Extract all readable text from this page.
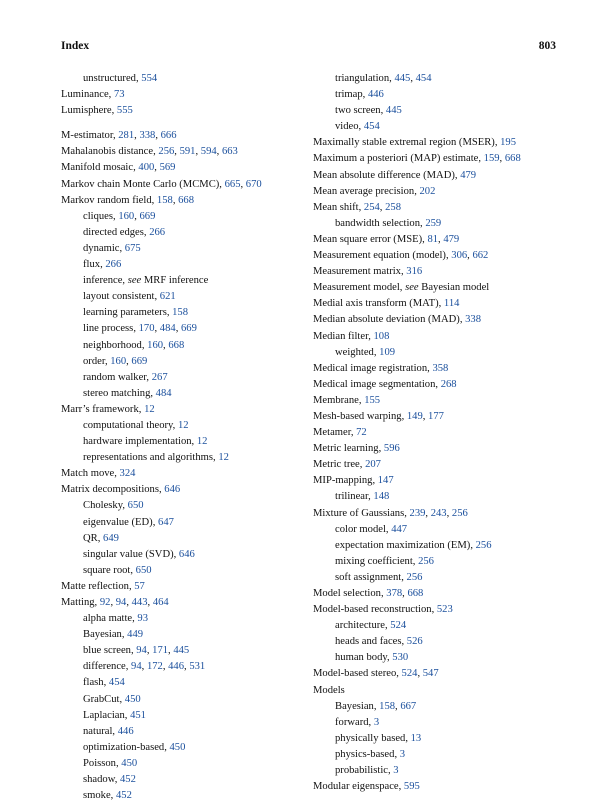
Index	803
unstructured, 554
Luminance, 73
Lumisphere, 555
M-estimator, 281, 338, 666
Mahalanobis distance, 256, 591, 594, 663
Manifold mosaic, 400, 569
Markov chain Monte Carlo (MCMC), 665, 670
Markov random field, 158, 668
cliques, 160, 669
directed edges, 266
dynamic, 675
flux, 266
inference, see MRF inference
layout consistent, 621
learning parameters, 158
line process, 170, 484, 669
neighborhood, 160, 668
order, 160, 669
random walker, 267
stereo matching, 484
Marr’s framework, 12
computational theory, 12
hardware implementation, 12
representations and algorithms, 12
Match move, 324
Matrix decompositions, 646
Cholesky, 650
eigenvalue (ED), 647
QR, 649
singular value (SVD), 646
square root, 650
Matte reflection, 57
Matting, 92, 94, 443, 464
alpha matte, 93
Bayesian, 449
blue screen, 94, 171, 445
difference, 94, 172, 446, 531
flash, 454
GrabCut, 450
Laplacian, 451
natural, 446
optimization-based, 450
Poisson, 450
shadow, 452
smoke, 452
triangulation, 445, 454
trimap, 446
two screen, 445
video, 454
Maximally stable extremal region (MSER), 195
Maximum a posteriori (MAP) estimate, 159, 668
Mean absolute difference (MAD), 479
Mean average precision, 202
Mean shift, 254, 258
bandwidth selection, 259
Mean square error (MSE), 81, 479
Measurement equation (model), 306, 662
Measurement matrix, 316
Measurement model, see Bayesian model
Medial axis transform (MAT), 114
Median absolute deviation (MAD), 338
Median filter, 108
weighted, 109
Medical image registration, 358
Medical image segmentation, 268
Membrane, 155
Mesh-based warping, 149, 177
Metamer, 72
Metric learning, 596
Metric tree, 207
MIP-mapping, 147
trilinear, 148
Mixture of Gaussians, 239, 243, 256
color model, 447
expectation maximization (EM), 256
mixing coefficient, 256
soft assignment, 256
Model selection, 378, 668
Model-based reconstruction, 523
architecture, 524
heads and faces, 526
human body, 530
Model-based stereo, 524, 547
Models
Bayesian, 158, 667
forward, 3
physically based, 13
physics-based, 3
probabilistic, 3
Modular eigenspace, 595
